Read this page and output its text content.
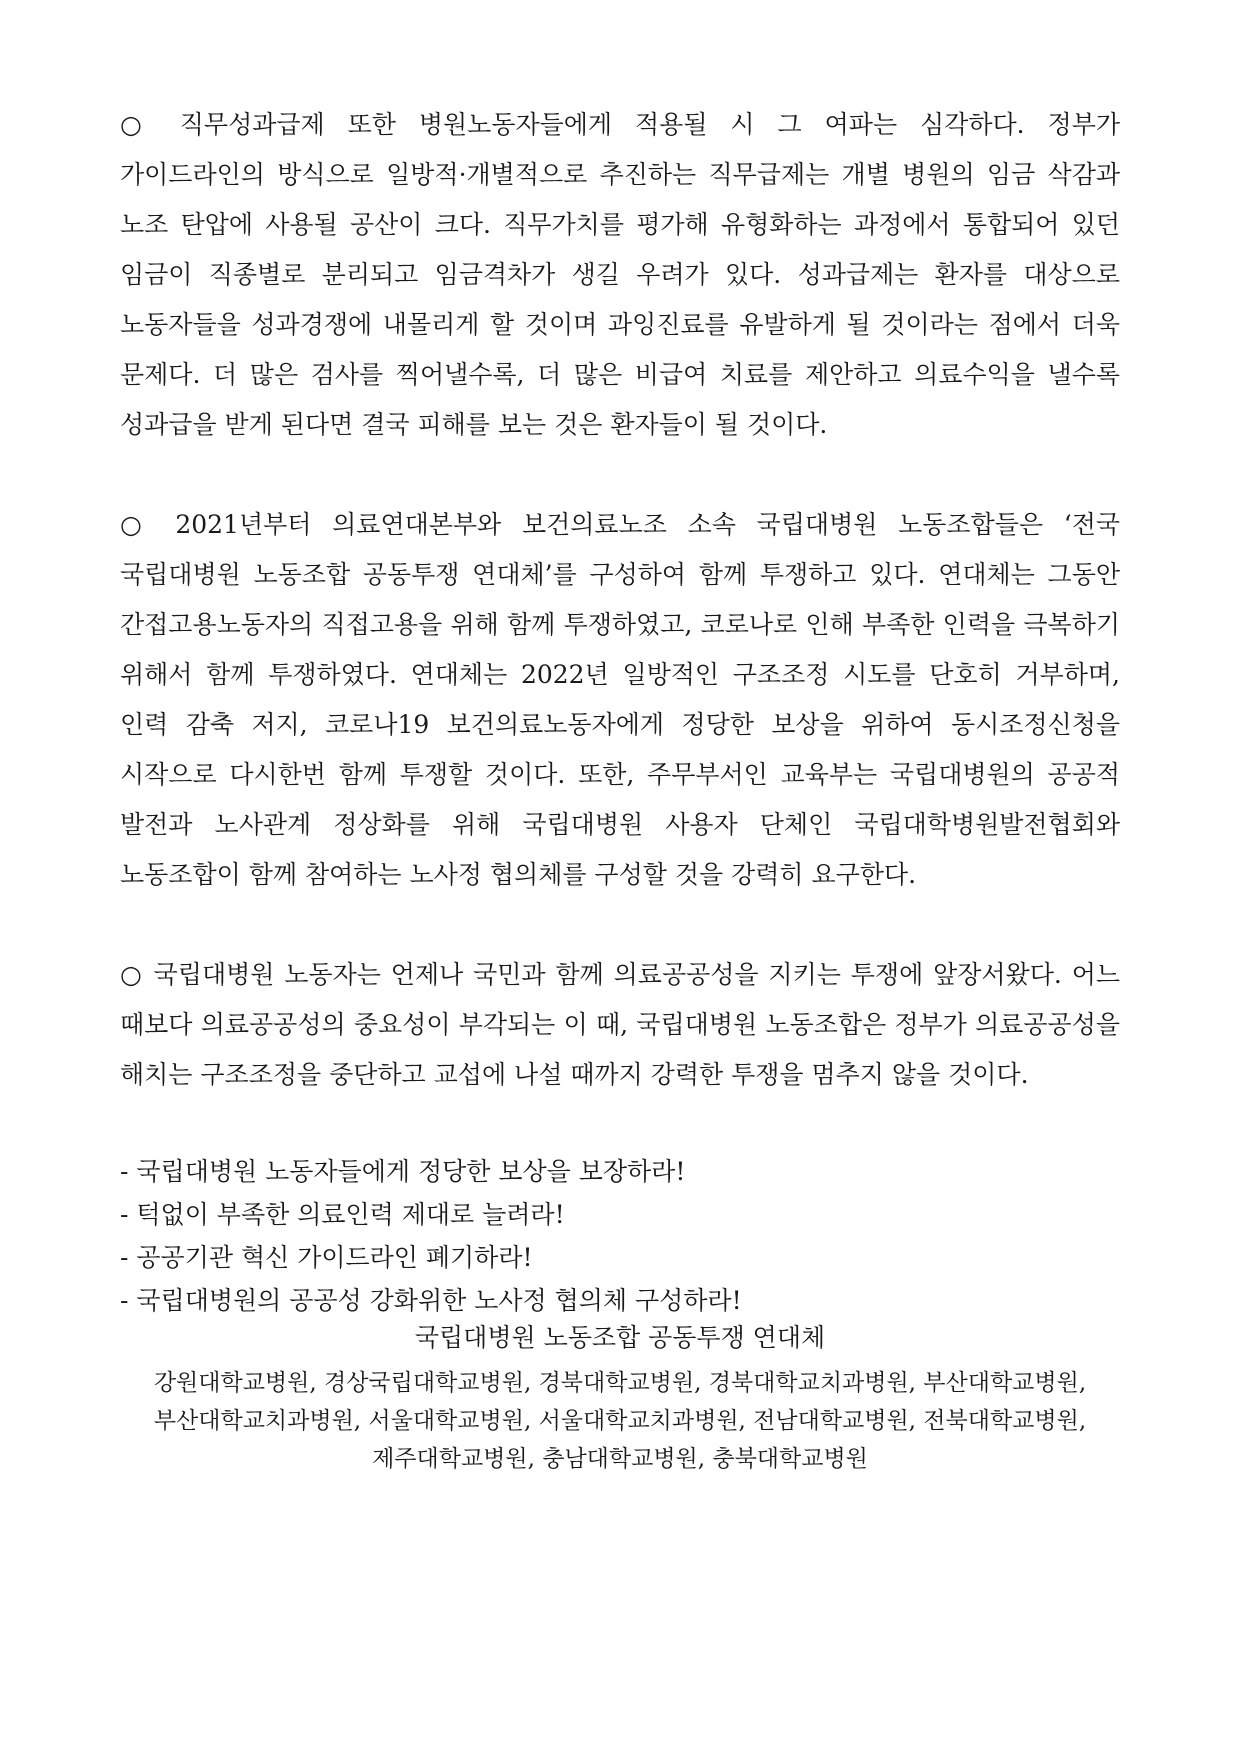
○ 직무성과급제 또한 병원노동자들에게 적용될 시 그 여파는 심각하다. 정부가 가이드라인의 방식으로 일방적·개별적으로 추진하는 직무급제는 개별 병원의 임금 삭감과 노조 탄압에 사용될 공산이 크다. 직무가치를 평가해 유형화하는 과정에서 통합되어 있던 임금이 직종별로 분리되고 임금격차가 생길 우려가 있다. 성과급제는 환자를 대상으로 노동자들을 성과경쟁에 내몰리게 할 것이며 과잉진료를 유발하게 될 것이라는 점에서 더욱 문제다. 더 많은 검사를 찍어낼수록, 더 많은 비급여 치료를 제안하고 의료수익을 낼수록 성과급을 받게 된다면 결국 피해를 보는 것은 환자들이 될 것이다.

○ 2021년부터 의료연대본부와 보건의료노조 소속 국립대병원 노동조합들은 ‘전국 국립대병원 노동조합 공동투쟁 연대체’를 구성하여 함께 투쟁하고 있다. 연대체는 그동안 간접고용노동자의 직접고용을 위해 함께 투쟁하였고, 코로나로 인해 부족한 인력을 극복하기 위해서 함께 투쟁하였다. 연대체는 2022년 일방적인 구조조정 시도를 단호히 거부하며, 인력 감축 저지, 코로나19 보건의료노동자에게 정당한 보상을 위하여 동시조정신청을 시작으로 다시한번 함께 투쟁할 것이다. 또한, 주무부서인 교육부는 국립대병원의 공공적 발전과 노사관계 정상화를 위해 국립대병원 사용자 단체인 국립대학병원발전협회와 노동조합이 함께 참여하는 노사정 협의체를 구성할 것을 강력히 요구한다.

○ 국립대병원 노동자는 언제나 국민과 함께 의료공공성을 지키는 투쟁에 앞장서왔다. 어느 때보다 의료공공성의 중요성이 부각되는 이 때, 국립대병원 노동조합은 정부가 의료공공성을 해치는 구조조정을 중단하고 교섭에 나설 때까지 강력한 투쟁을 멈추지 않을 것이다.

- 국립대병원 노동자들에게 정당한 보상을 보장하라!
- 턱없이 부족한 의료인력 제대로 늘려라!
- 공공기관 혁신 가이드라인 폐기하라!
- 국립대병원의 공공성 강화위한 노사정 협의체 구성하라!

국립대병원 노동조합 공동투쟁 연대체

강원대학교병원, 경상국립대학교병원, 경북대학교병원, 경북대학교치과병원, 부산대학교병원,
부산대학교치과병원, 서울대학교병원, 서울대학교치과병원, 전남대학교병원, 전북대학교병원,
제주대학교병원, 충남대학교병원, 충북대학교병원
